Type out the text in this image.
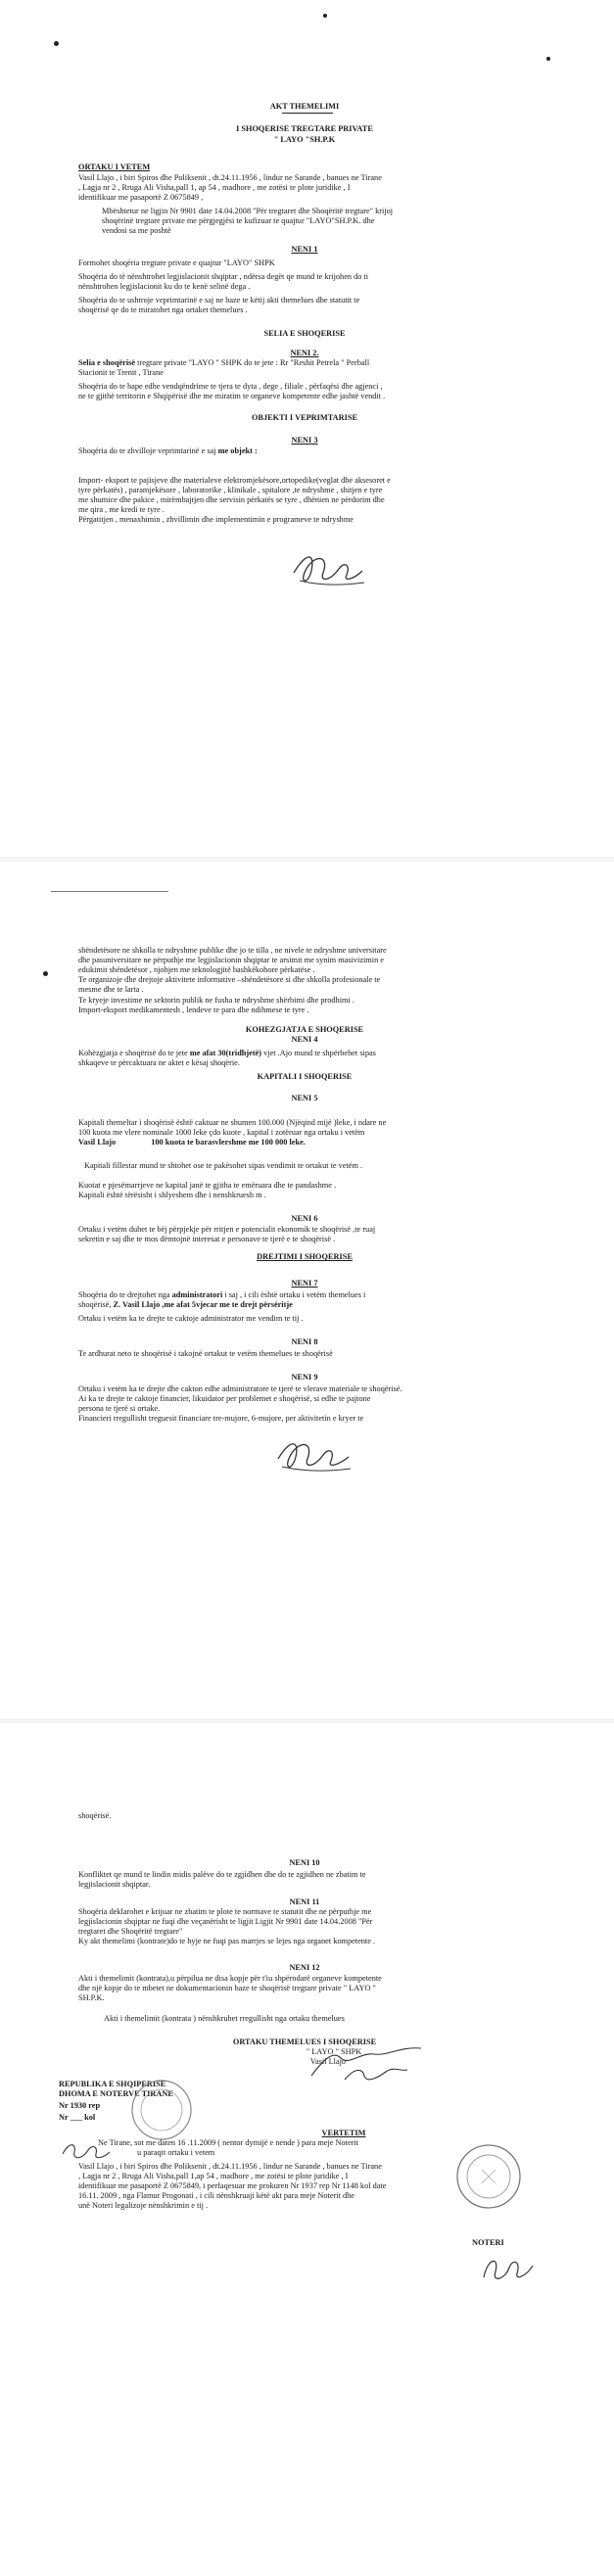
AKT THEMELIMI
I SHOQERISE TREGTARE PRIVATE
" LAYO "SH.P.K
ORTAKU I VETEM
Vasil Llajo , i biri Spiros dhe Poliksenit , dt.24.11.1956 , lindur ne Sarande , banues ne Tirane
, Lagja nr 2 , Rruga Ali Visha,pall 1, ap 54 , madhore , me zotësi te plote juridike , I
identifikuar me pasaportë Z 0675849 ,
Mbështetur ne ligjin Nr 9901 date 14.04.2008 "Për tregtaret dhe Shoqëritë tregtare" krijoj
shoqërinë tregtare private me përgjegjësi te kufizuar te quajtur "LAYO"SH.P.K. dhe
vendosi sa me poshtë
NENI 1
Formohet shoqëria tregtare private e quajtur "LAYO" SHPK
Shoqëria do të nënshtrohet legjislacionit shqiptar , ndërsa degët qe mund te krijohen do ti
nënshtrohen legjislacionit ku do te kenë selinë dega .
Shoqëria do te ushtroje veprimtarinë e saj ne baze te këtij akti themelues dhe statutit te
shoqërisë qe do te miratohet nga ortaket themelues .
SELIA E SHOQERISE
NENI 2.
Selia e shoqërisë tregtare private "LAYO " SHPK do te jete : Rr "Reshit Petrela " Perball
Stacionit te Trenit , Tirane
Shoqëria do te hape edhe vendqëndrime te tjera te dyta , dege , filiale , përfaqësi dhe agjenci ,
ne te gjithë territorin e Shqipërisë dhe me miratim te organeve kompetente edhe jashtë vendit .
OBJEKTI I VEPRIMTARISE
NENI 3
Shoqëria do te zhvilloje veprimtarinë e saj me objekt :
Import- eksport te pajisjeve dhe materialeve elektromjekësore,ortopedike(veglat dhe aksesoret e
tyre përkatës) , paramjekësore , laboratorike , klinikale , spitalore ,te ndryshme , shitjen e tyre
me shumice dhe pakice , mirëmbajtjen dhe servisin përkatës se tyre , dhënien ne përdorim dhe
me qira , me kredi te tyre .
Përgatitjen , menaxhimin , zhvillimin dhe implementimin e programeve te ndryshme
shëndetësore ne shkolla te ndryshme publike dhe jo te tilla , ne nivele te ndryshme universitare
dhe pasuniversitare ne përputhje me legjislacionin shqiptar te arsimit me synim masivizimin e
edukimit shëndetësor , njohjen me teknologjitë bashkëkohore përkatëse .
Te organizoje dhe drejtoje aktivitete informative –shëndetësore si dhe shkolla profesionale te
mesme dhe te larta .
Te kryeje investime ne sektorin publik ne fusha te ndryshme shërbimi dhe prodhimi .
Import-eksport medikamentesh , lendeve te para dhe ndihmese te tyre .
KOHEZGJATJA E SHOQERISE
NENI 4
Kohëzgjatja e shoqërisë do te jete me afat 30(tridhjetë) vjet .Ajo mund te shpërbehet sipas
shkaqeve te përcaktuara ne aktet e kësaj shoqërie.
KAPITALI I SHOQERISE
NENI 5
Kapitali themeltar i shoqërisë është caktuar ne shumen 100.000 (Njëqind mijë )leke, i ndare ne
100 kuota me vlere nominale 1000 leke çdo kuote , kapital i zotëruar nga ortaku i vetëm
Vasil Llajo	100 kuota te barasvlershme me 100 000 leke.
Kapitali fillestar mund te shtohet ose te pakësohet sipas vendimit te ortakut te vetëm .
Kuotat e pjesëmarrjeve ne kapital janë te gjitha te emëruara dhe te pandashme .
Kapitali është tërësisht i shlyeshem dhe i nenshkruesh m .
NENI 6
Ortaku i vetëm duhet te bëj përpjekje për rritjen e potencialit ekonomik te shoqërisë ,te ruaj
sekretin e saj dhe te mos dëmtojnë interesat e personave te tjerë e te shoqërisë .
DREJTIMI I SHOQERISE
NENI 7
Shoqëria do te drejtohet nga administratori i saj , i cili është ortaku i vetëm themelues i
shoqërisë, Z. Vasil Llajo ,me afat 5vjecar me te drejt përsëritje
Ortaku i vetëm ka te drejte te caktoje administrator me vendim te tij .
NENI 8
Te ardhurat neto te shoqërisë i takojnë ortakut te vetëm themelues te shoqërisë
NENI 9
Ortaku i vetëm ka te drejte dhe cakton edhe administratore te tjerë te vlerave materiale te shoqërisë.
Ai ka te drejte te caktoje financier, likuidator per problemet e shoqërisë, si edhe te pajtone
persona te tjerë si ortake.
Financieri rregullisht treguesit financiare tre-mujore, 6-mujore, per aktivitetin e kryer te
shoqërisë.
NENI 10
Konfliktet qe mund te lindin midis palëve do te zgjidhen dhe do te zgjidhen ne zbatim te
legjislacionit shqiptar.
NENI 11
Shoqëria deklarohet e krijuar ne zbatim te plote te normave te statutit dhe ne përputhje me
legjislacionin shqiptar ne fuqi dhe veçanërisht te ligjit Ligjit Nr 9901 date 14.04.2008 "Për
tregtaret dhe Shoqëritë tregtare"
Ky akt themelimi (kontrate)do te hyje ne fuqi pas marrjes se lejes nga organet kompetente .
NENI 12
Akti i themelimit (kontrata),u përpilua ne disa kopje për t'iu shpërndarë organeve kompetente
dhe një kopje do te mbetet ne dokumentacionin baze te shoqërisë tregtare private " LAYO "
SH.P.K.
Akti i themelimit (kontrata ) nënshkruhet rregullisht nga ortaku themelues
ORTAKU THEMELUES I SHOQERISE
" LAYO " SHPK
Vasil Llajo
REPUBLIKA E SHQIPERISE
DHOMA E NOTERVE TIRANE
Nr 1930 rep
Nr ___ kol
VERTETIM
Ne Tirane, sot me daten 16 .11.2009 ( nentor dymijë e nende ) para meje Noterit
u paraqit ortaku i vetem
Vasil Llajo , i biri Spiros dhe Poliksenit , dt.24.11.1956 , lindur ne Sarande , banues ne Tirane
, Lagja nr 2 , Rruga Ali Visha,pall 1,ap 54 , madhore , me zotësi te plote juridike , I
identifikuar me pasaportë Z 0675849, i perfaqesuar me prokuren Nr 1937 rep Nr 1148 kol date
16.11. 2009 , nga Flamur Progonati , i cili nënshkruaji këtë akt para meje Noterit dhe
unë Noteri legalizoje nënshkrimin e tij .
NOTERI
